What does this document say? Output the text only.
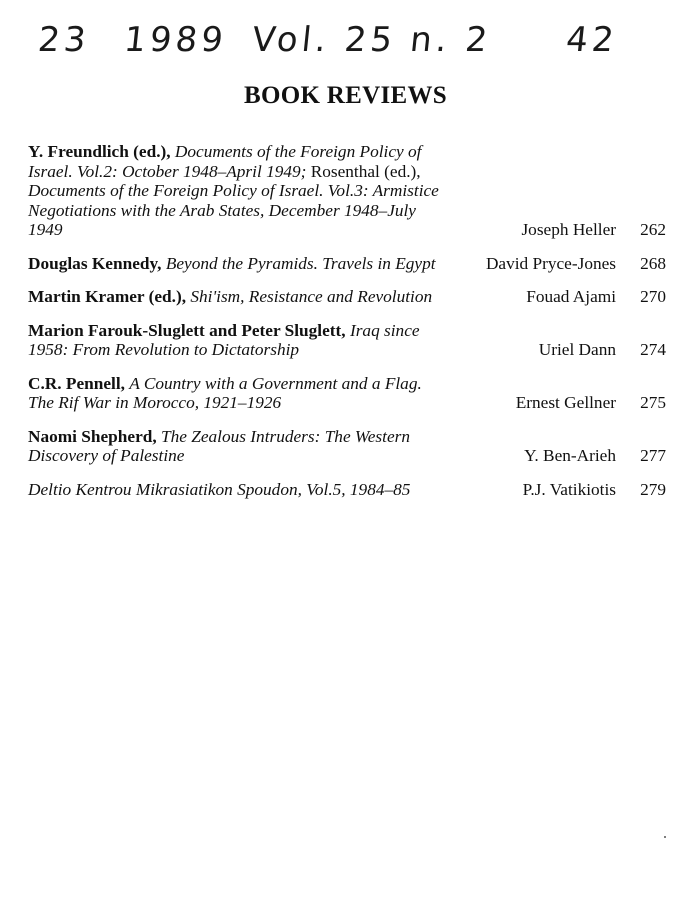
23 1989 Vol. 25 n. 2 42
BOOK REVIEWS
Y. Freundlich (ed.), Documents of the Foreign Policy of Israel. Vol.2: October 1948–April 1949; Rosenthal (ed.), Documents of the Foreign Policy of Israel. Vol.3: Armistice Negotiations with the Arab States, December 1948–July 1949	Joseph Heller 262
Douglas Kennedy, Beyond the Pyramids. Travels in Egypt	David Pryce-Jones 268
Martin Kramer (ed.), Shi'ism, Resistance and Revolution	Fouad Ajami 270
Marion Farouk-Sluglett and Peter Sluglett, Iraq since 1958: From Revolution to Dictatorship	Uriel Dann 274
C.R. Pennell, A Country with a Government and a Flag. The Rif War in Morocco, 1921–1926	Ernest Gellner 275
Naomi Shepherd, The Zealous Intruders: The Western Discovery of Palestine	Y. Ben-Arieh 277
Deltio Kentrou Mikrasiatikon Spoudon, Vol.5, 1984–85	P.J. Vatikiotis 279
